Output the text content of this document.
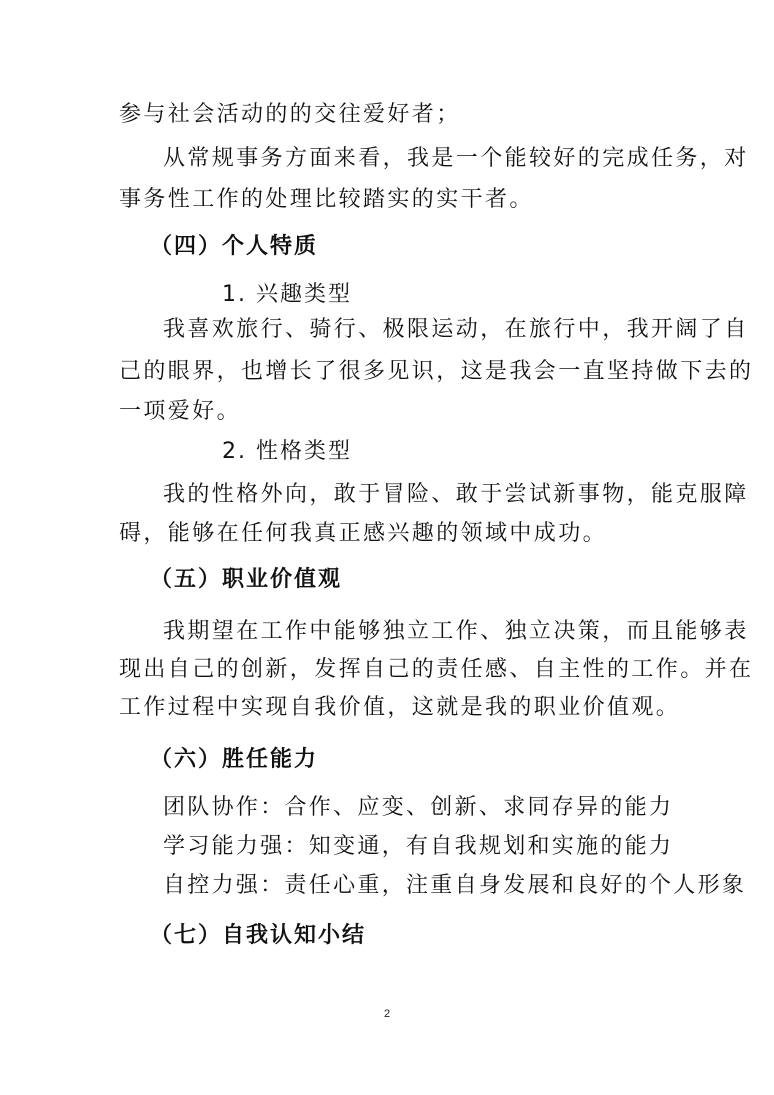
参与社会活动的的交往爱好者；
从常规事务方面来看，我是一个能较好的完成任务，对
事务性工作的处理比较踏实的实干者。
（四）个人特质
1. 兴趣类型
我喜欢旅行、骑行、极限运动，在旅行中，我开阔了自
己的眼界，也增长了很多见识，这是我会一直坚持做下去的
一项爱好。
2. 性格类型
我的性格外向，敢于冒险、敢于尝试新事物，能克服障
碍，能够在任何我真正感兴趣的领域中成功。
（五）职业价值观
我期望在工作中能够独立工作、独立决策，而且能够表
现出自己的创新，发挥自己的责任感、自主性的工作。并在
工作过程中实现自我价值，这就是我的职业价值观。
（六）胜任能力
团队协作：合作、应变、创新、求同存异的能力
学习能力强：知变通，有自我规划和实施的能力
自控力强：责任心重，注重自身发展和良好的个人形象
（七）自我认知小结
2
